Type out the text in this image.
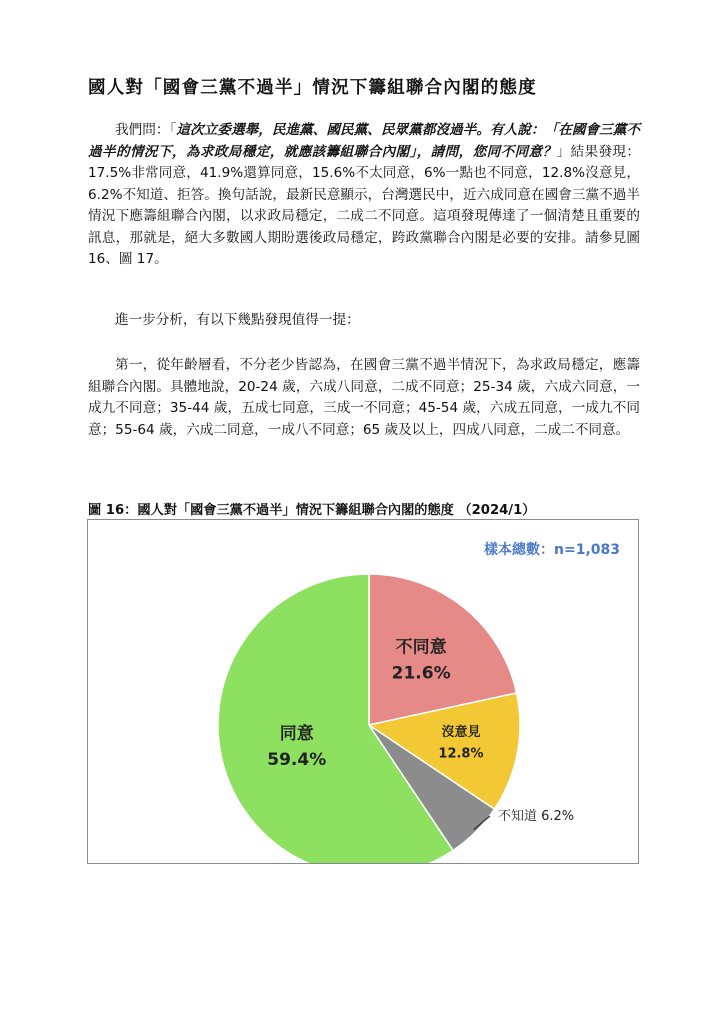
國人對「國會三黨不過半」情況下籌組聯合內閣的態度

我們問：「這次立委選舉，民進黨、國民黨、民眾黨都沒過半。有人說：「在國會三黨不過半的情況下，為求政局穩定，就應該籌組聯合內閣」，請問，您同不同意？」結果發現：17.5%非常同意，41.9%還算同意，15.6%不太同意，6%一點也不同意，12.8%沒意見，6.2%不知道、拒答。換句話說，最新民意顯示，台灣選民中，近六成同意在國會三黨不過半情況下應籌組聯合內閣，以求政局穩定，二成二不同意。這項發現傳達了一個清楚且重要的訊息，那就是，絕大多數國人期盼選後政局穩定，跨政黨聯合內閣是必要的安排。請參見圖 16、圖 17。

進一步分析，有以下幾點發現值得一提：

第一，從年齡層看，不分老少皆認為，在國會三黨不過半情況下，為求政局穩定，應籌組聯合內閣。具體地說，20-24 歲，六成八同意，二成不同意；25-34 歲，六成六同意，一成九不同意；35-44 歲，五成七同意，三成一不同意；45-54 歲，六成五同意，一成九不同意；55-64 歲，六成二同意，一成八不同意；65 歲及以上，四成八同意，二成二不同意。

圖 16：國人對「國會三黨不過半」情況下籌組聯合內閣的態度 （2024/1）
不同意
21.6%
沒意見
12.8%
不知道 6.2%
同意
59.4%
樣本總數：n=1,083
